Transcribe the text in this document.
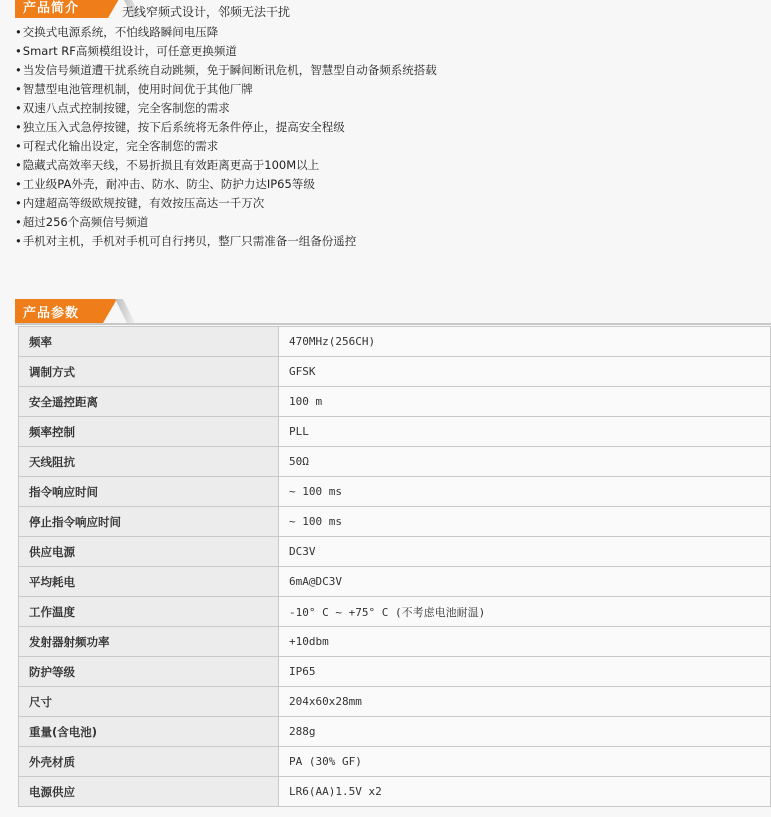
产品简介	无线窄频式设计，邻频无法干扰
• 交换式电源系统，不怕线路瞬间电压降
• Smart RF高频模组设计，可任意更换频道
• 当发信号频道遭干扰系统自动跳频，免于瞬间断讯危机，智慧型自动备频系统搭载
• 智慧型电池管理机制，使用时间优于其他厂牌
• 双速八点式控制按键，完全客制您的需求
• 独立压入式急停按键，按下后系统将无条件停止，提高安全程级
• 可程式化输出设定，完全客制您的需求
• 隐藏式高效率天线，不易折损且有效距离更高于100M以上
• 工业级PA外壳，耐冲击、防水、防尘、防护力达IP65等级
• 内建超高等级欧规按键，有效按压高达一千万次
• 超过256个高频信号频道
• 手机对主机，手机对手机可自行拷贝，整厂只需准备一组备份遥控
产品参数
频率	470MHz(256CH)
调制方式	GFSK
安全遥控距离	100 m
频率控制	PLL
天线阻抗	50Ω
指令响应时间	~ 100 ms
停止指令响应时间	~ 100 ms
供应电源	DC3V
平均耗电	6mA@DC3V
工作温度	-10° C ~ +75° C (不考虑电池耐温)
发射器射频功率	+10dbm
防护等级	IP65
尺寸	204x60x28mm
重量(含电池)	288g
外壳材质	PA (30% GF)
电源供应	LR6(AA)1.5V x2
